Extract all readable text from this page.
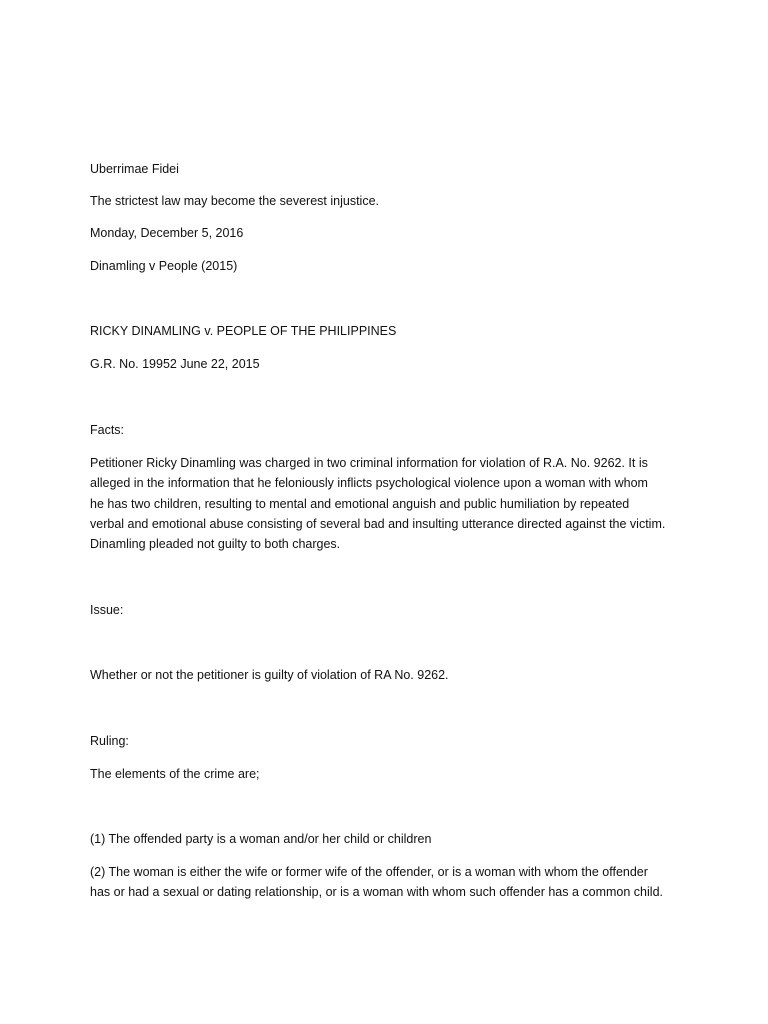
Uberrimae Fidei

The strictest law may become the severest injustice.

Monday, December 5, 2016

Dinamling v People (2015)

RICKY DINAMLING v. PEOPLE OF THE PHILIPPINES

G.R. No. 19952 June 22, 2015

Facts:

Petitioner Ricky Dinamling was charged in two criminal information for violation of R.A. No. 9262. It is
alleged in the information that he feloniously inflicts psychological violence upon a woman with whom
he has two children, resulting to mental and emotional anguish and public humiliation by repeated
verbal and emotional abuse consisting of several bad and insulting utterance directed against the victim.
Dinamling pleaded not guilty to both charges.

Issue:

Whether or not the petitioner is guilty of violation of RA No. 9262.

Ruling:

The elements of the crime are;

(1) The offended party is a woman and/or her child or children
(2) The woman is either the wife or former wife of the offender, or is a woman with whom the offender
has or had a sexual or dating relationship, or is a woman with whom such offender has a common child.
